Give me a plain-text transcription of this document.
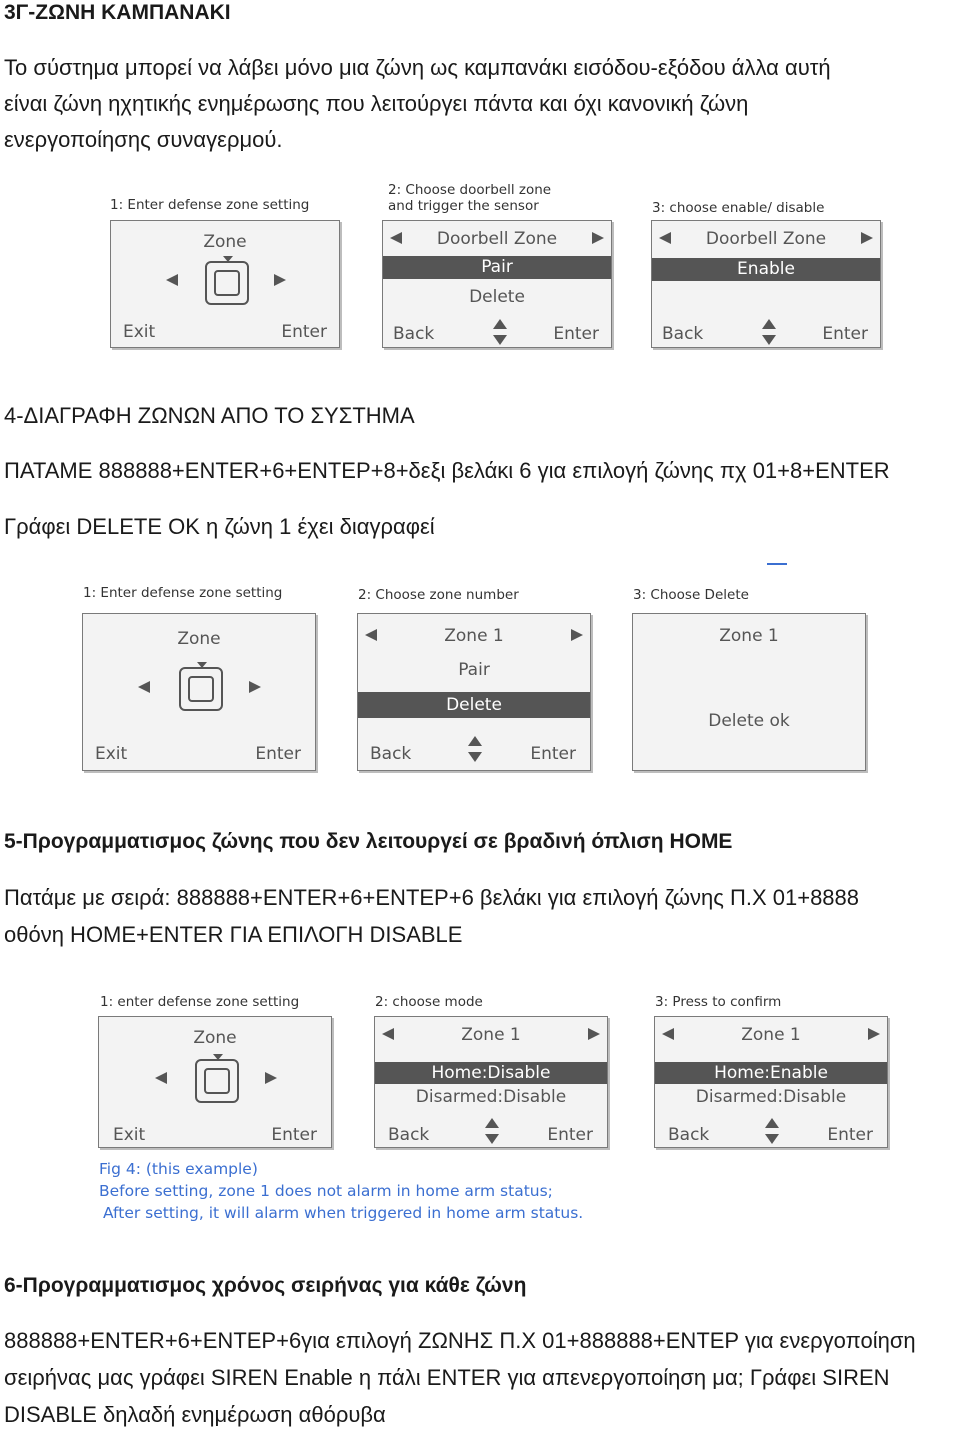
3Γ-ΖΩΝΗ ΚΑΜΠΑΝΑΚΙ
Το σύστημα μπορεί να λάβει μόνο μια ζώνη ως καμπανάκι εισόδου-εξόδου άλλα αυτή
είναι ζώνη ηχητικής ενημέρωσης που λειτούργει πάντα και όχι κανονική ζώνη
ενεργοποίησης συναγερμού.
1: Enter defense zone setting
2: Choose doorbell zone
and trigger the sensor	3: choose enable/ disable
Zone
Exit	Enter
Doorbell Zone
Pair
Delete
Back	Enter
Doorbell Zone
Enable
Back	Enter
4-ΔΙΑΓΡΑΦΗ ΖΩΝΩΝ ΑΠΟ ΤΟ ΣΥΣΤΗΜΑ
ΠΑΤΑΜΕ 888888+ENTER+6+ENTEP+8+δεξι βελάκι 6 για επιλογή ζώνης πχ 01+8+ENTER
Γράφει DELETE OK η ζώνη 1 έχει διαγραφεί
1: Enter defense zone setting	2: Choose zone number	3: Choose Delete
Zone
Exit	Enter
Zone 1
Pair
Delete
Back	Enter
Zone 1
Delete ok
5-Προγραμματισμος ζώνης που δεν λειτουργεί σε βραδινή όπλιση HOME
Πατάμε με σειρά: 888888+ENTER+6+ENTEP+6 βελάκι για επιλογή ζώνης Π.Χ 01+8888
οθόνη HOME+ENTER ΓΙΑ ΕΠΙΛΟΓΗ DISABLE
1: enter defense zone setting	2: choose mode	3: Press to confirm
Zone
Exit	Enter
Zone 1
Home:Disable
Disarmed:Disable
Back	Enter
Zone 1
Home:Enable
Disarmed:Disable
Back	Enter
Fig 4: (this example)
Before setting, zone 1 does not alarm in home arm status;
After setting, it will alarm when triggered in home arm status.
6-Προγραμματισμος χρόνος σειρήνας για κάθε ζώνη
888888+ENTER+6+ENTEP+6για επιλογή ΖΩΝΗΣ Π.Χ 01+888888+ENTEP για ενεργοποίηση
σειρήνας μας γράφει SIREN Enable η πάλι ENTER για απενεργοποίηση μα; Γράφει SIREN
DISABLE δηλαδή ενημέρωση αθόρυβα
